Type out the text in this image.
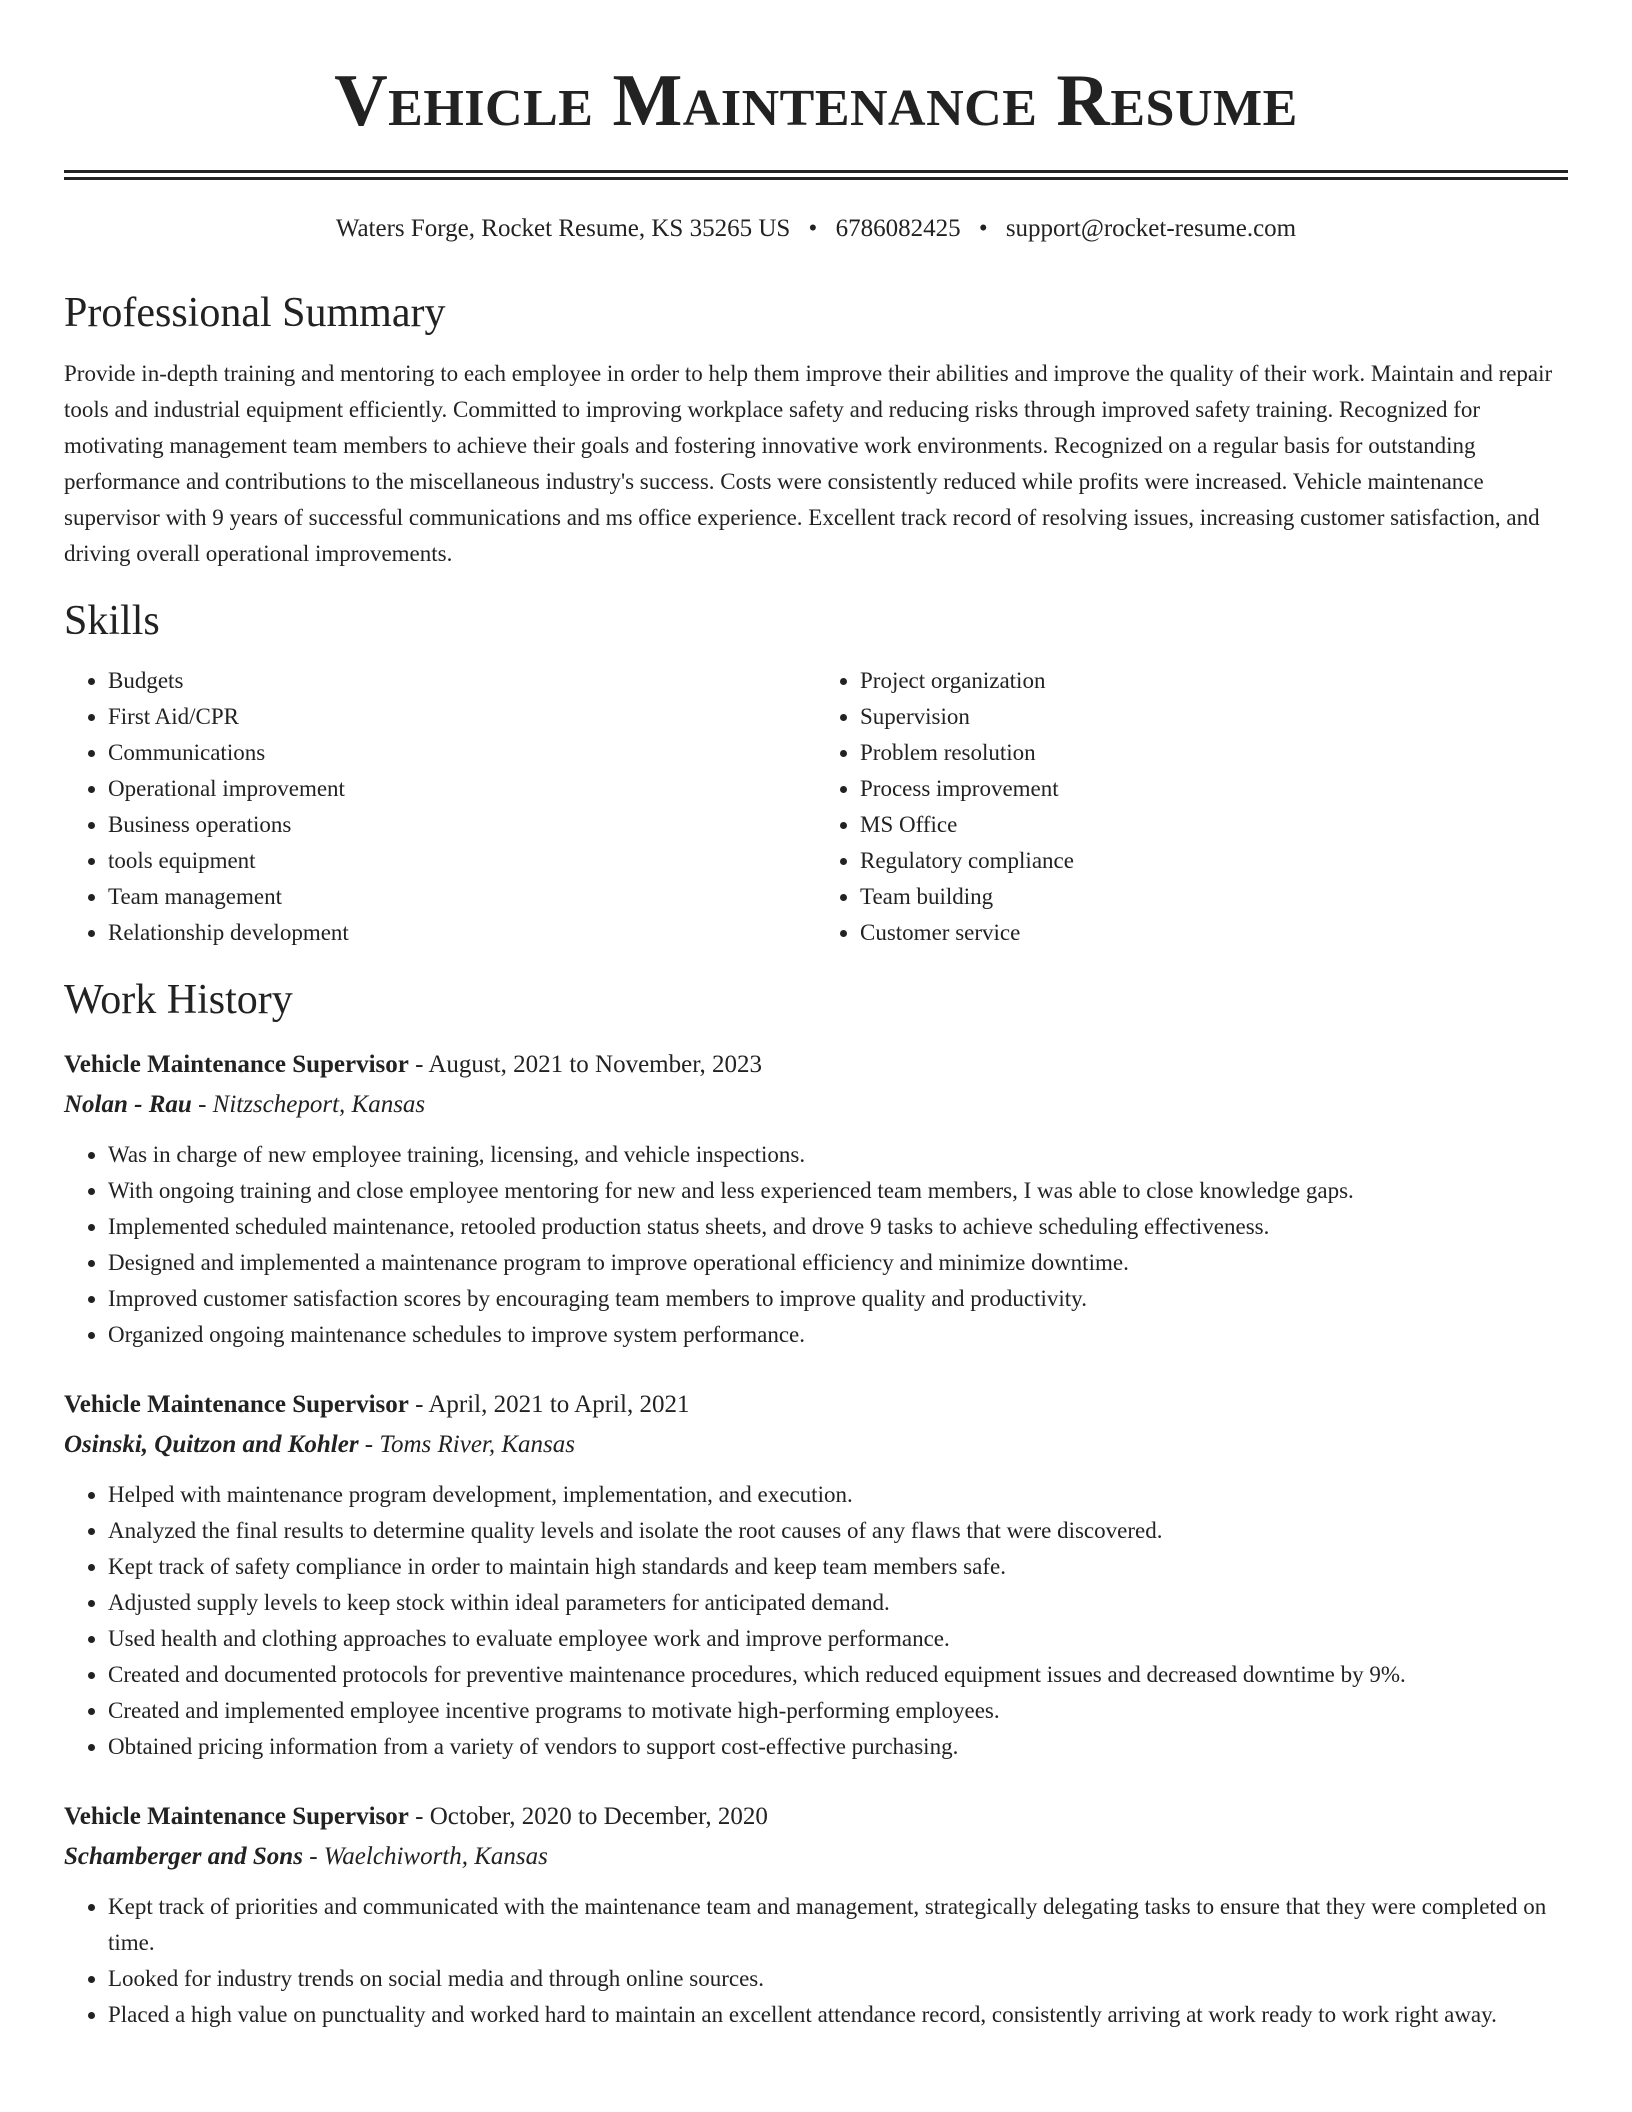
Vehicle Maintenance Resume
Waters Forge, Rocket Resume, KS 35265 US • 6786082425 • support@rocket-resume.com
Professional Summary

Provide in-depth training and mentoring to each employee in order to help them improve their abilities and improve the quality of their work. Maintain and repair tools and industrial equipment efficiently. Committed to improving workplace safety and reducing risks through improved safety training. Recognized for motivating management team members to achieve their goals and fostering innovative work environments. Recognized on a regular basis for outstanding performance and contributions to the miscellaneous industry's success. Costs were consistently reduced while profits were increased. Vehicle maintenance supervisor with 9 years of successful communications and ms office experience. Excellent track record of resolving issues, increasing customer satisfaction, and driving overall operational improvements.

Skills
• Budgets
• First Aid/CPR
• Communications
• Operational improvement
• Business operations
• tools equipment
• Team management
• Relationship development
• Project organization
• Supervision
• Problem resolution
• Process improvement
• MS Office
• Regulatory compliance
• Team building
• Customer service
Work History
Vehicle Maintenance Supervisor - August, 2021 to November, 2023
Nolan - Rau - Nitzscheport, Kansas
• Was in charge of new employee training, licensing, and vehicle inspections.
• With ongoing training and close employee mentoring for new and less experienced team members, I was able to close knowledge gaps.
• Implemented scheduled maintenance, retooled production status sheets, and drove 9 tasks to achieve scheduling effectiveness.
• Designed and implemented a maintenance program to improve operational efficiency and minimize downtime.
• Improved customer satisfaction scores by encouraging team members to improve quality and productivity.
• Organized ongoing maintenance schedules to improve system performance.
Vehicle Maintenance Supervisor - April, 2021 to April, 2021
Osinski, Quitzon and Kohler - Toms River, Kansas
• Helped with maintenance program development, implementation, and execution.
• Analyzed the final results to determine quality levels and isolate the root causes of any flaws that were discovered.
• Kept track of safety compliance in order to maintain high standards and keep team members safe.
• Adjusted supply levels to keep stock within ideal parameters for anticipated demand.
• Used health and clothing approaches to evaluate employee work and improve performance.
• Created and documented protocols for preventive maintenance procedures, which reduced equipment issues and decreased downtime by 9%.
• Created and implemented employee incentive programs to motivate high-performing employees.
• Obtained pricing information from a variety of vendors to support cost-effective purchasing.
Vehicle Maintenance Supervisor - October, 2020 to December, 2020
Schamberger and Sons - Waelchiworth, Kansas
• Kept track of priorities and communicated with the maintenance team and management, strategically delegating tasks to ensure that they were completed on time.
• Looked for industry trends on social media and through online sources.
• Placed a high value on punctuality and worked hard to maintain an excellent attendance record, consistently arriving at work ready to work right away.
